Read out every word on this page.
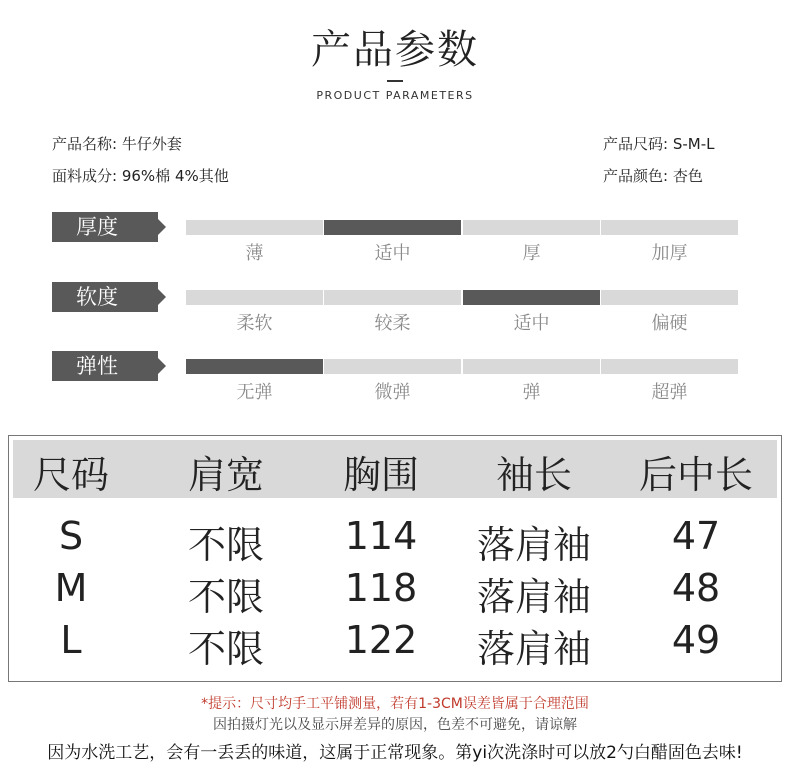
产品参数
PRODUCT PARAMETERS
产品名称: 牛仔外套
面料成分: 96%棉 4%其他
产品尺码: S-M-L
产品颜色: 杏色
厚度
薄	适中	厚	加厚
软度
柔软	较柔	适中	偏硬
弹性
无弹	微弹	弹	超弹
尺码	肩宽	胸围	袖长	后中长
S	不限	114	落肩袖	47
M	不限	118	落肩袖	48
L	不限	122	落肩袖	49
*提示：尺寸均手工平铺测量，若有1-3CM误差皆属于合理范围
因拍摄灯光以及显示屏差异的原因，色差不可避免，请谅解
因为水洗工艺，会有一丢丢的味道，这属于正常现象。第yi次洗涤时可以放2勺白醋固色去味!
